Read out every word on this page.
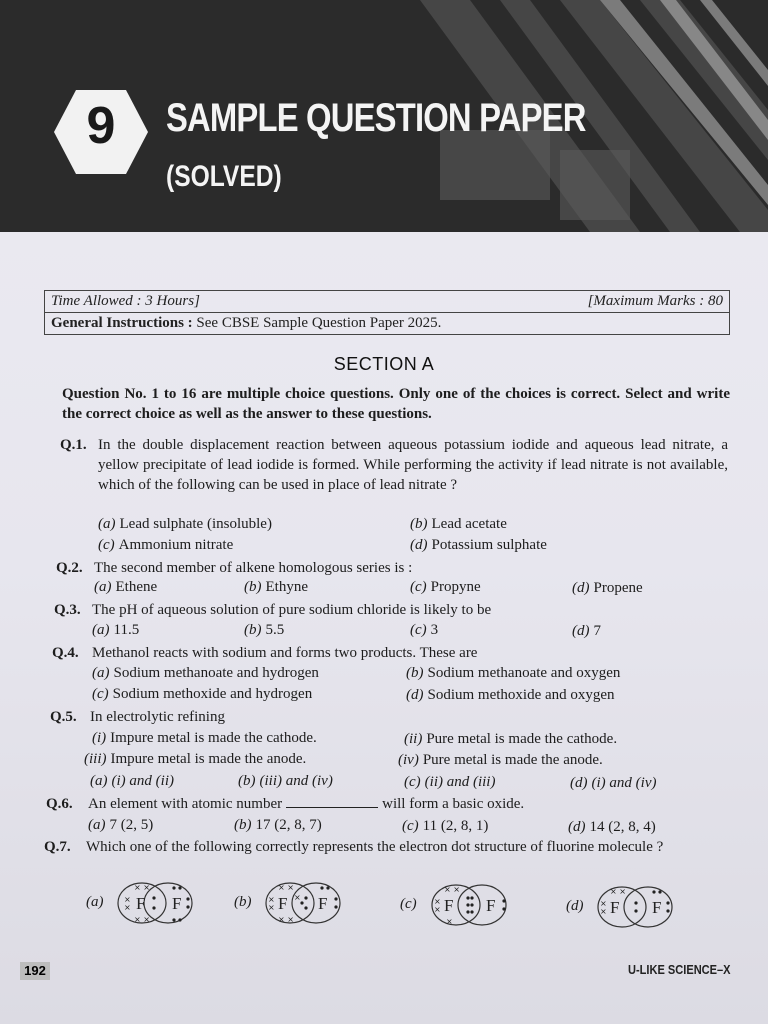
9	SAMPLE QUESTION PAPER
(SOLVED)
Time Allowed : 3 Hours]	[Maximum Marks : 80
General Instructions : See CBSE Sample Question Paper 2025.
SECTION A
Question No. 1 to 16 are multiple choice questions. Only one of the choices is correct. Select and write the correct choice as well as the answer to these questions.
Q.1. In the double displacement reaction between aqueous potassium iodide and aqueous lead nitrate, a yellow precipitate of lead iodide is formed. While performing the activity if lead nitrate is not available, which of the following can be used in place of lead nitrate ?
(a) Lead sulphate (insoluble)	(b) Lead acetate
(c) Ammonium nitrate	(d) Potassium sulphate
Q.2. The second member of alkene homologous series is :
(a) Ethene	(b) Ethyne	(c) Propyne	(d) Propene
Q.3. The pH of aqueous solution of pure sodium chloride is likely to be
(a) 11.5	(b) 5.5	(c) 3	(d) 7
Q.4. Methanol reacts with sodium and forms two products. These are
(a) Sodium methanoate and hydrogen	(b) Sodium methanoate and oxygen
(c) Sodium methoxide and hydrogen	(d) Sodium methoxide and oxygen
Q.5. In electrolytic refining
(i) Impure metal is made the cathode.	(ii) Pure metal is made the cathode.
(iii) Impure metal is made the anode.	(iv) Pure metal is made the anode.
(a) (i) and (ii)	(b) (iii) and (iv)	(c) (ii) and (iii)	(d) (i) and (iv)
Q.6. An element with atomic number	will form a basic oxide.
(a) 7 (2, 5)	(b) 17 (2, 8, 7)	(c) 11 (2, 8, 1)	(d) 14 (2, 8, 4)
Q.7. Which one of the following correctly represents the electron dot structure of fluorine molecule ?
(a) F F
× ×
× ×
×
×	(b) F F
× ×
× ×
×
×
×	(c) F F
× ×
×
×
×	(d) F F
× ×
×
×
192	U-LIKE SCIENCE–X
